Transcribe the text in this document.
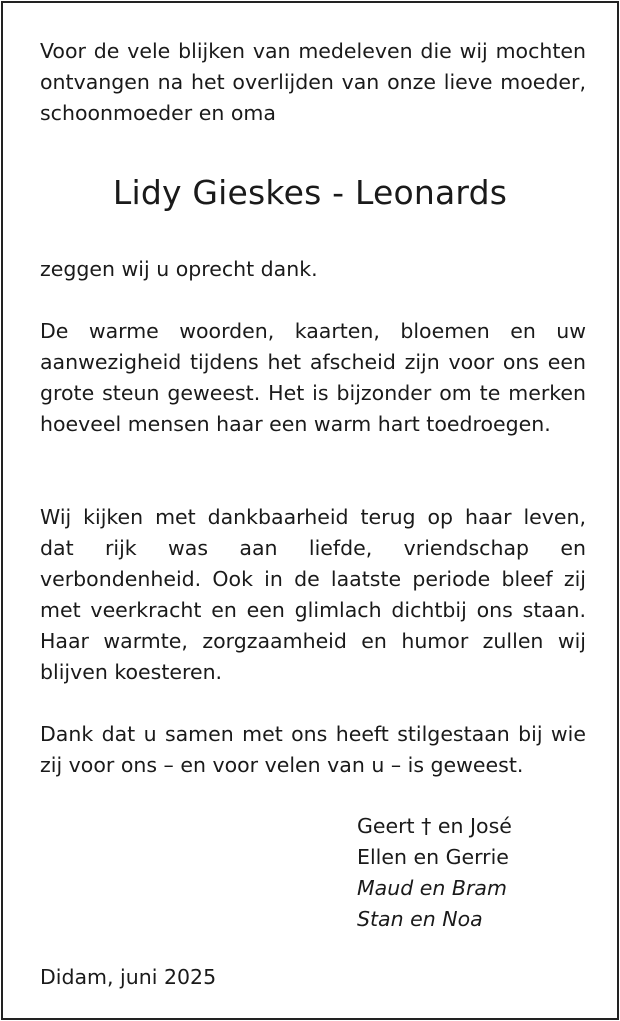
Voor de vele blijken van medeleven die wij mochten ontvangen na het overlijden van onze lieve moeder, schoonmoeder en oma
Lidy Gieskes - Leonards
zeggen wij u oprecht dank.
De warme woorden, kaarten, bloemen en uw aanwezigheid tijdens het afscheid zijn voor ons een grote steun geweest. Het is bijzonder om te merken hoeveel mensen haar een warm hart toedroegen.
Wij kijken met dankbaarheid terug op haar leven, dat rijk was aan liefde, vriendschap en verbondenheid. Ook in de laatste periode bleef zij met veerkracht en een glimlach dichtbij ons staan. Haar warmte, zorgzaamheid en humor zullen wij blijven koesteren.
Dank dat u samen met ons heeft stilgestaan bij wie zij voor ons – en voor velen van u – is geweest.
Geert † en José
Ellen en Gerrie
Maud en Bram
Stan en Noa
Didam, juni 2025
